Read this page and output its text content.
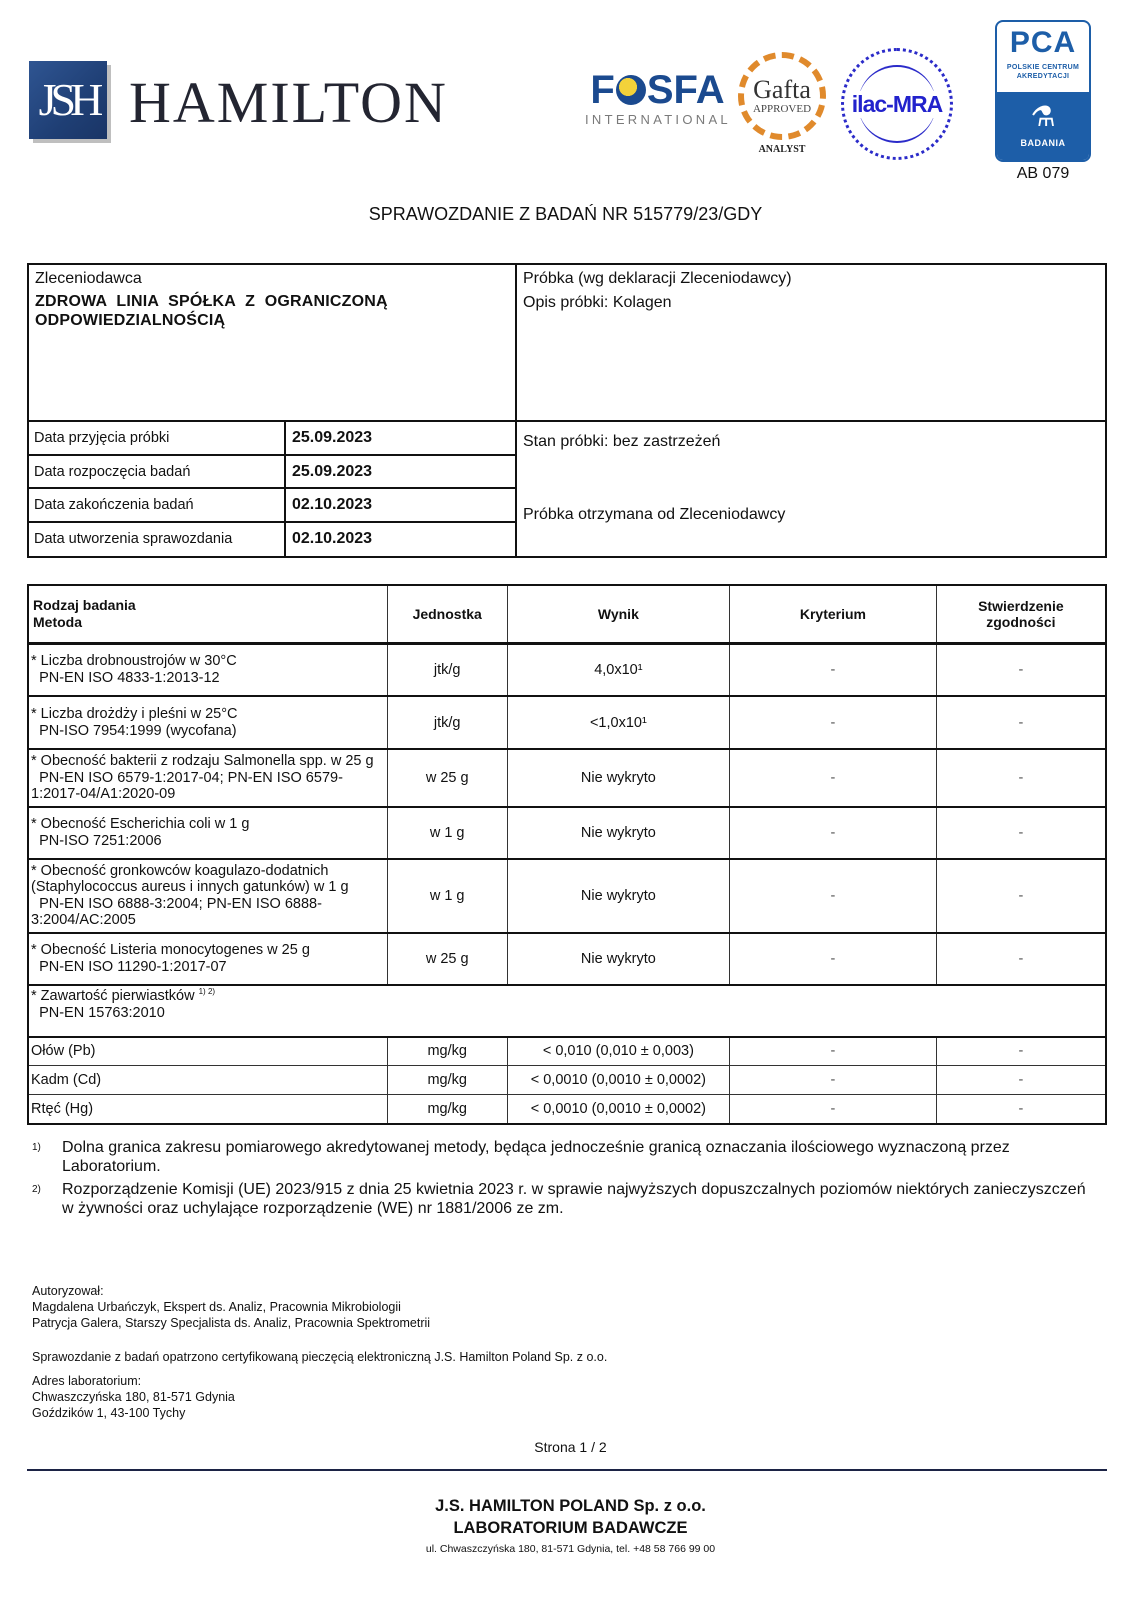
JSH HAMILTON	F SFA
INTERNATIONAL
Gafta
APPROVED
ANALYST
ilac-MRA
PCA
POLSKIE CENTRUM
AKREDYTACJI
⚗
BADANIA
AB 079
SPRAWOZDANIE Z BADAŃ NR 515779/23/GDY
Zleceniodawca
ZDROWA LINIA SPÓŁKA Z OGRANICZONĄ ODPOWIEDZIALNOŚCIĄ
Próbka (wg deklaracji Zleceniodawcy)
Opis próbki: Kolagen
Data przyjęcia próbki	25.09.2023
Data rozpoczęcia badań	25.09.2023
Data zakończenia badań	02.10.2023
Data utworzenia sprawozdania	02.10.2023
Stan próbki: bez zastrzeżeń
Próbka otrzymana od Zleceniodawcy
Rodzaj badania
Metoda	Jednostka	Wynik	Kryterium	Stwierdzenie
zgodności
* Liczba drobnoustrojów w 30°C
PN-EN ISO 4833-1:2013-12	jtk/g	4,0x10¹	-	-
* Liczba drożdży i pleśni w 25°C
PN-ISO 7954:1999 (wycofana)	jtk/g	<1,0x10¹	-	-
* Obecność bakterii z rodzaju Salmonella spp. w 25 g
PN-EN ISO 6579-1:2017-04; PN-EN ISO 6579-1:2017-04/A1:2020-09	w 25 g	Nie wykryto	-	-
* Obecność Escherichia coli w 1 g
PN-ISO 7251:2006	w 1 g	Nie wykryto	-	-
* Obecność gronkowców koagulazo-dodatnich (Staphylococcus aureus i innych gatunków) w 1 g
PN-EN ISO 6888-3:2004; PN-EN ISO 6888-3:2004/AC:2005	w 1 g	Nie wykryto	-	-
* Obecność Listeria monocytogenes w 25 g
PN-EN ISO 11290-1:2017-07	w 25 g	Nie wykryto	-	-
* Zawartość pierwiastków $^{1) 2)}$
PN-EN 15763:2010				
Ołów (Pb)	mg/kg	< 0,010 (0,010 ± 0,003)	-	-
Kadm (Cd)	mg/kg	< 0,0010 (0,0010 ± 0,0002)	-	-
Rtęć (Hg)	mg/kg	< 0,0010 (0,0010 ± 0,0002)	-	-
1)	Dolna granica zakresu pomiarowego akredytowanej metody, będąca jednocześnie granicą oznaczania ilościowego wyznaczoną przez Laboratorium.
2)	Rozporządzenie Komisji (UE) 2023/915 z dnia 25 kwietnia 2023 r. w sprawie najwyższych dopuszczalnych poziomów niektórych zanieczyszczeń w żywności oraz uchylające rozporządzenie (WE) nr 1881/2006 ze zm.
Autoryzował:
Magdalena Urbańczyk, Ekspert ds. Analiz, Pracownia Mikrobiologii
Patrycja Galera, Starszy Specjalista ds. Analiz, Pracownia Spektrometrii
Sprawozdanie z badań opatrzono certyfikowaną pieczęcią elektroniczną J.S. Hamilton Poland Sp. z o.o.
Adres laboratorium:
Chwaszczyńska 180, 81-571 Gdynia
Goździków 1, 43-100 Tychy
Strona 1 / 2
J.S. HAMILTON POLAND Sp. z o.o.
LABORATORIUM BADAWCZE
ul. Chwaszczyńska 180, 81-571 Gdynia, tel. +48 58 766 99 00
